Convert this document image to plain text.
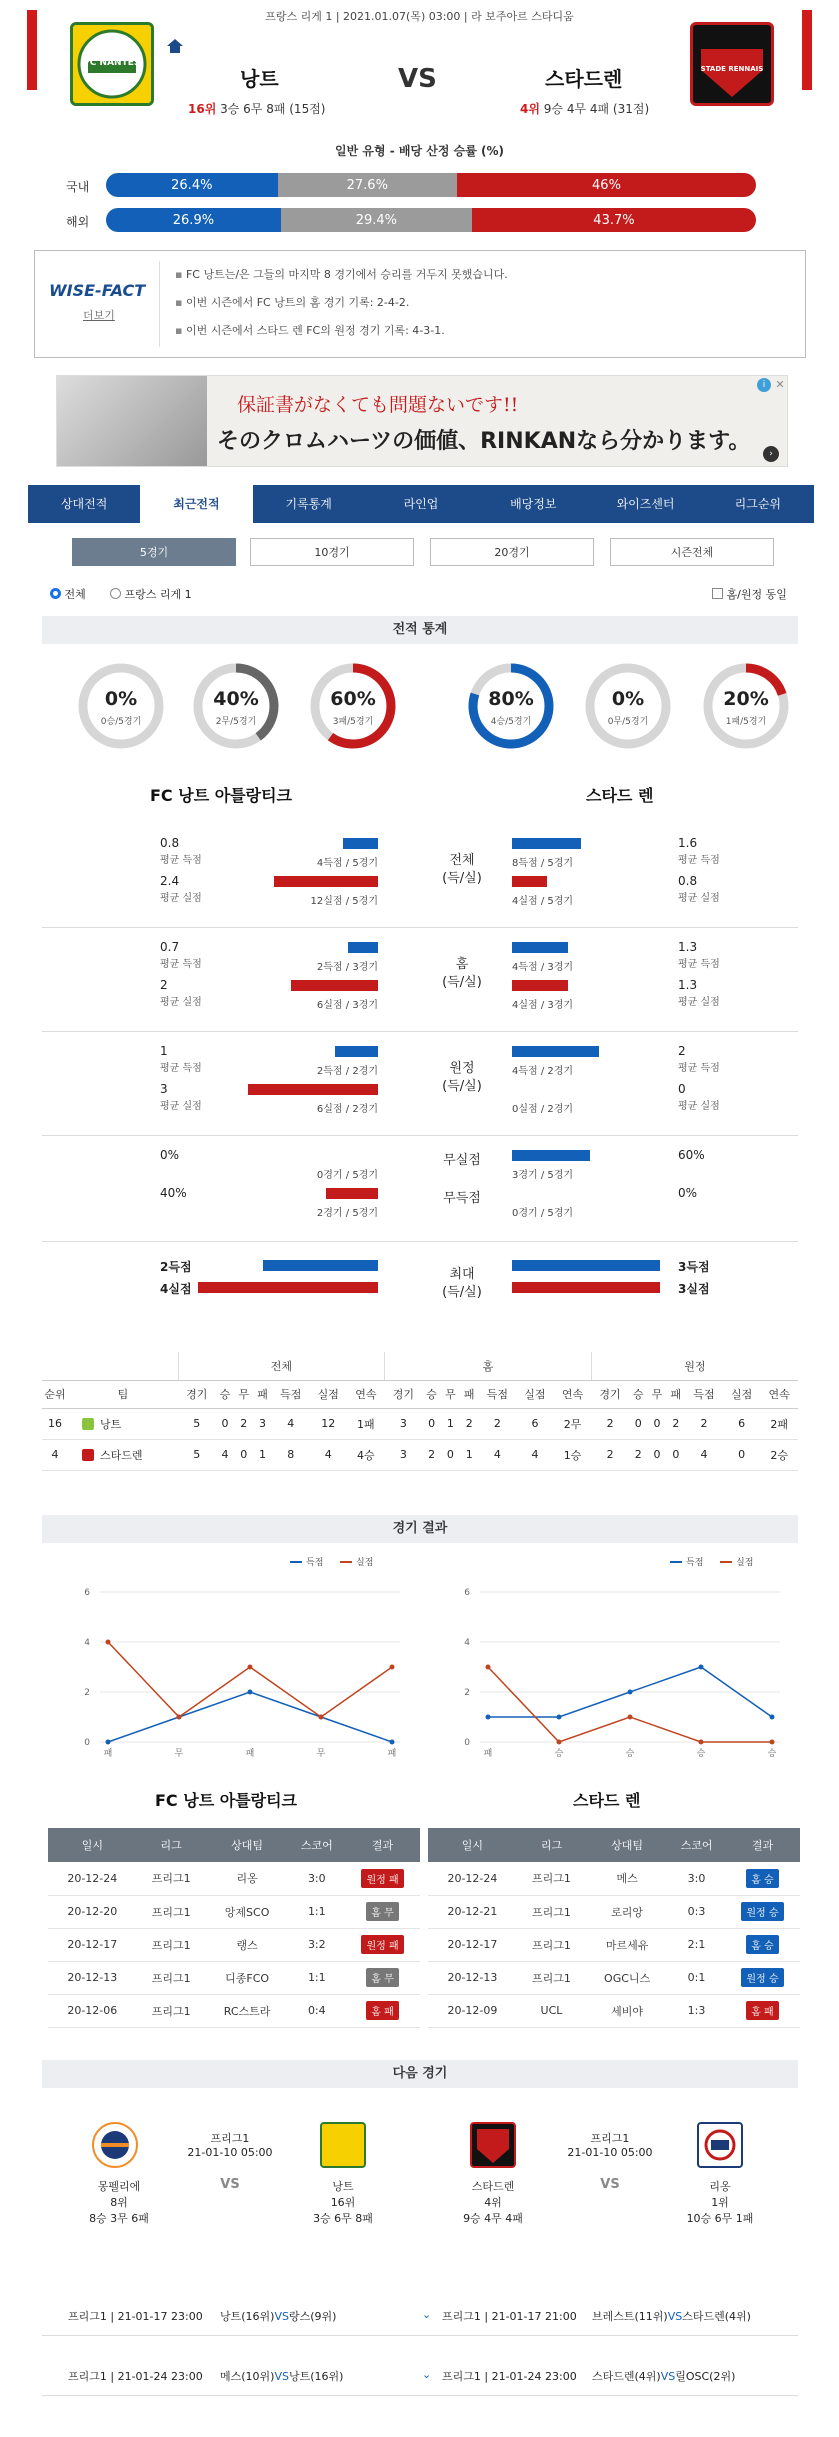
프랑스 리게 1 | 2021.01.07(목) 03:00 | 라 보주아르 스타디움
FC NANTES
낭트
16위 3승 6무 8패 (15점)
VS	스타드렌
4위 9승 4무 4패 (31점)
STADE RENNAIS
일반 유형 - 배당 산정 승률 (%)
국내	26.4%	27.6%	46%
해외	26.9%	29.4%	43.7%
WISE-FACT
더보기
▪ FC 낭트는/은 그들의 마지막 8 경기에서 승리를 거두지 못했습니다.
▪ 이번 시즌에서 FC 낭트의 홈 경기 기록: 2-4-2.
▪ 이번 시즌에서 스타드 렌 FC의 원정 경기 기록: 4-3-1.
保証書がなくても問題ないです!!
そのクロムハーツの価値、RINKANなら分かります。
i ✕
›
상대전적	최근전적	기록통계	라인업	배당정보	와이즈센터	리그순위
5경기	10경기	20경기	시즌전체
전체	프랑스 리게 1	홈/원정 동일
전적 통계
0%
0승/5경기
40%
2무/5경기
60%
3패/5경기
80%
4승/5경기
0%
0무/5경기
20%
1패/5경기
FC 낭트 아틀랑티크	스타드 렌
0.8
평균 득점	4득점 / 5경기	8득점 / 5경기
1.6
평균 득점
2.4
평균 실점	12실점 / 5경기	4실점 / 5경기
0.8
평균 실점
전체
(득/실)
0.7
평균 득점	2득점 / 3경기	4득점 / 3경기
1.3
평균 득점
2
평균 실점	6실점 / 3경기	4실점 / 3경기
1.3
평균 실점
홈
(득/실)
1
평균 득점	2득점 / 2경기	4득점 / 2경기
2
평균 득점
3
평균 실점	6실점 / 2경기	0실점 / 2경기
0
평균 실점
원정
(득/실)
0%
0경기 / 5경기
무실점
3경기 / 5경기
60%
40%
2경기 / 5경기
무득점
0경기 / 5경기
0%
2득점	3득점
4실점	3실점
최대
(득/실)
		전체							홈							원정						
순위	팀	경기	승	무	패	득점	실점	연속	경기	승	무	패	득점	실점	연속	경기	승	무	패	득점	실점	연속
16	낭트	5	0	2	3	4	12	1패	3	0	1	2	2	6	2무	2	0	0	2	2	6	2패
4	스타드렌	5	4	0	1	8	4	4승	3	2	0	1	4	4	1승	2	2	0	0	4	0	2승
경기 결과
0
2
4
6
패	무	패	무	패
득점	실점
0
2
4
6
패	승	승	승	승
득점	실점
FC 낭트 아틀랑티크	스타드 렌
일시	리그	상대팀	스코어	결과
20-12-24	프리그1	리옹	3:0	원정 패
20-12-20	프리그1	앙제SCO	1:1	홈 무
20-12-17	프리그1	랭스	3:2	원정 패
20-12-13	프리그1	디종FCO	1:1	홈 무
20-12-06	프리그1	RC스트라	0:4	홈 패
일시	리그	상대팀	스코어	결과
20-12-24	프리그1	메스	3:0	홈 승
20-12-21	프리그1	로리앙	0:3	원정 승
20-12-17	프리그1	마르세유	2:1	홈 승
20-12-13	프리그1	OGC니스	0:1	원정 승
20-12-09	UCL	세비야	1:3	홈 패
다음 경기
몽펠리에
8위
8승 3무 6패
프리그1
21-01-10 05:00
VS	낭트
16위
3승 6무 8패
스타드렌
4위
9승 4무 4패
프리그1
21-01-10 05:00
VS	리옹
1위
10승 6무 1패
프리그1 | 21-01-17 23:00 낭트(16위)VS랑스(9위)	⌄ 프리그1 | 21-01-17 21:00 브레스트(11위)VS스타드렌(4위)
프리그1 | 21-01-24 23:00 메스(10위)VS낭트(16위)	⌄ 프리그1 | 21-01-24 23:00 스타드렌(4위)VS릴OSC(2위)
